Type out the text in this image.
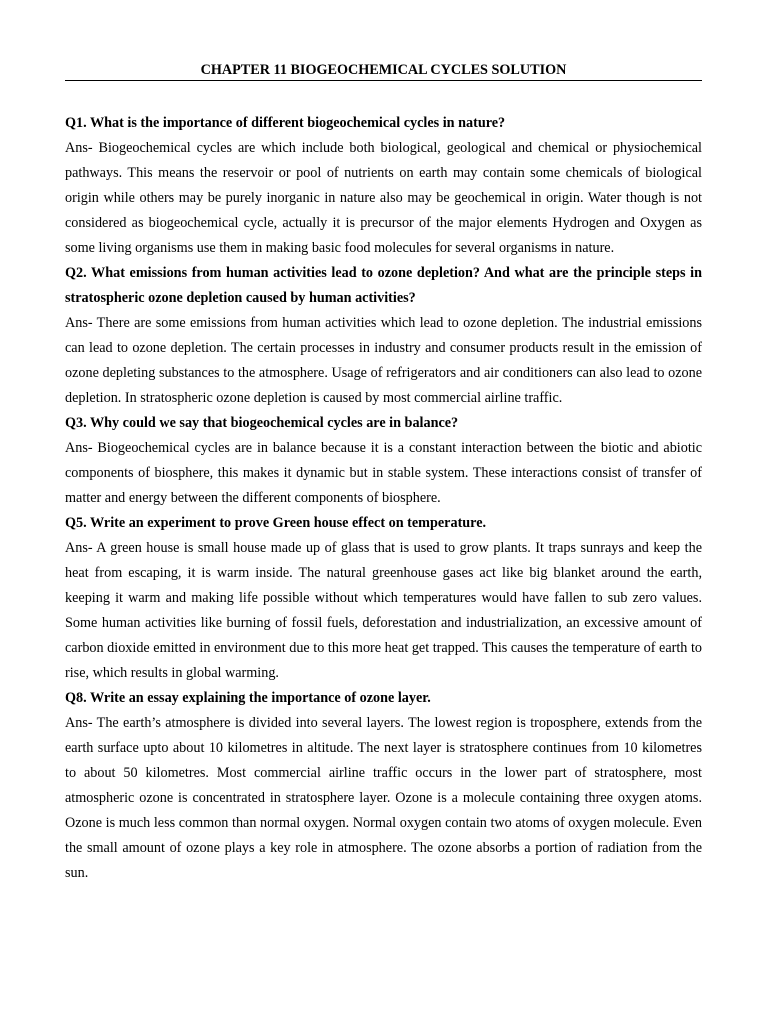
CHAPTER 11 BIOGEOCHEMICAL CYCLES SOLUTION

Q1. What is the importance of different biogeochemical cycles in nature?

Ans- Biogeochemical cycles are which include both biological, geological and chemical or physiochemical pathways. This means the reservoir or pool of nutrients on earth may contain some chemicals of biological origin while others may be purely inorganic in nature also may be geochemical in origin. Water though is not considered as biogeochemical cycle, actually it is precursor of the major elements Hydrogen and Oxygen as some living organisms use them in making basic food molecules for several organisms in nature.

Q2. What emissions from human activities lead to ozone depletion? And what are the principle steps in stratospheric ozone depletion caused by human activities?

Ans- There are some emissions from human activities which lead to ozone depletion. The industrial emissions can lead to ozone depletion. The certain processes in industry and consumer products result in the emission of ozone depleting substances to the atmosphere. Usage of refrigerators and air conditioners can also lead to ozone depletion. In stratospheric ozone depletion is caused by most commercial airline traffic.

Q3. Why could we say that biogeochemical cycles are in balance?

Ans- Biogeochemical cycles are in balance because it is a constant interaction between the biotic and abiotic components of biosphere, this makes it dynamic but in stable system. These interactions consist of transfer of matter and energy between the different components of biosphere.

Q5. Write an experiment to prove Green house effect on temperature.

Ans- A green house is small house made up of glass that is used to grow plants. It traps sunrays and keep the heat from escaping, it is warm inside. The natural greenhouse gases act like big blanket around the earth, keeping it warm and making life possible without which temperatures would have fallen to sub zero values. Some human activities like burning of fossil fuels, deforestation and industrialization, an excessive amount of carbon dioxide emitted in environment due to this more heat get trapped. This causes the temperature of earth to rise, which results in global warming.

Q8. Write an essay explaining the importance of ozone layer.

Ans- The earth’s atmosphere is divided into several layers. The lowest region is troposphere, extends from the earth surface upto about 10 kilometres in altitude. The next layer is stratosphere continues from 10 kilometres to about 50 kilometres. Most commercial airline traffic occurs in the lower part of stratosphere, most atmospheric ozone is concentrated in stratosphere layer. Ozone is a molecule containing three oxygen atoms. Ozone is much less common than normal oxygen. Normal oxygen contain two atoms of oxygen molecule. Even the small amount of ozone plays a key role in atmosphere. The ozone absorbs a portion of radiation from the sun.
